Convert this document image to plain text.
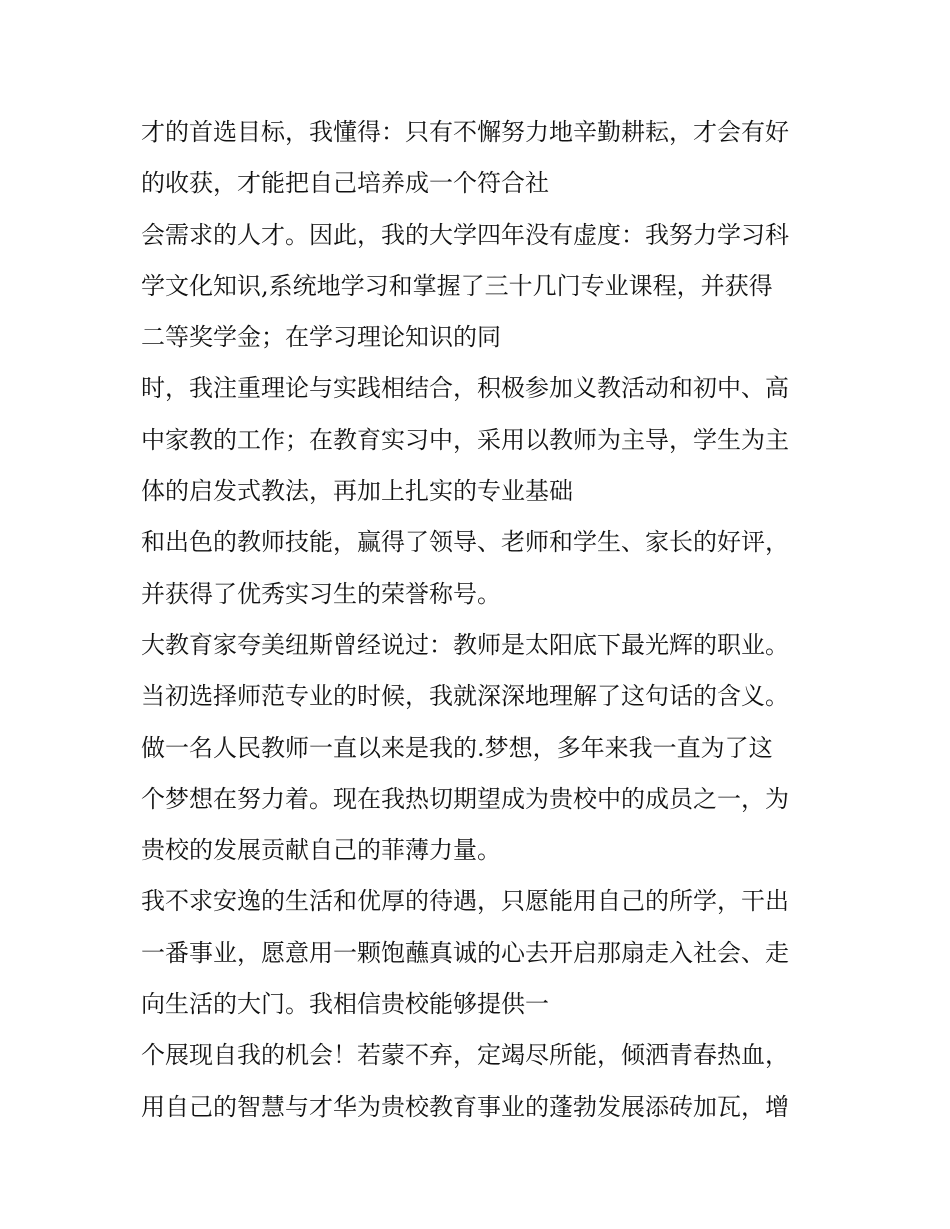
才的首选目标，我懂得：只有不懈努力地辛勤耕耘，才会有好
的收获，才能把自己培养成一个符合社
会需求的人才。因此，我的大学四年没有虚度：我努力学习科
学文化知识,系统地学习和掌握了三十几门专业课程，并获得
二等奖学金；在学习理论知识的同
时，我注重理论与实践相结合，积极参加义教活动和初中、高
中家教的工作；在教育实习中，采用以教师为主导，学生为主
体的启发式教法，再加上扎实的专业基础
和出色的教师技能，赢得了领导、老师和学生、家长的好评，
并获得了优秀实习生的荣誉称号。
大教育家夸美纽斯曾经说过：教师是太阳底下最光辉的职业。
当初选择师范专业的时候，我就深深地理解了这句话的含义。
做一名人民教师一直以来是我的.梦想，多年来我一直为了这
个梦想在努力着。现在我热切期望成为贵校中的成员之一，为
贵校的发展贡献自己的菲薄力量。
我不求安逸的生活和优厚的待遇，只愿能用自己的所学，干出
一番事业，愿意用一颗饱蘸真诚的心去开启那扇走入社会、走
向生活的大门。我相信贵校能够提供一
个展现自我的机会！若蒙不弃，定竭尽所能，倾洒青春热血，
用自己的智慧与才华为贵校教育事业的蓬勃发展添砖加瓦，增
